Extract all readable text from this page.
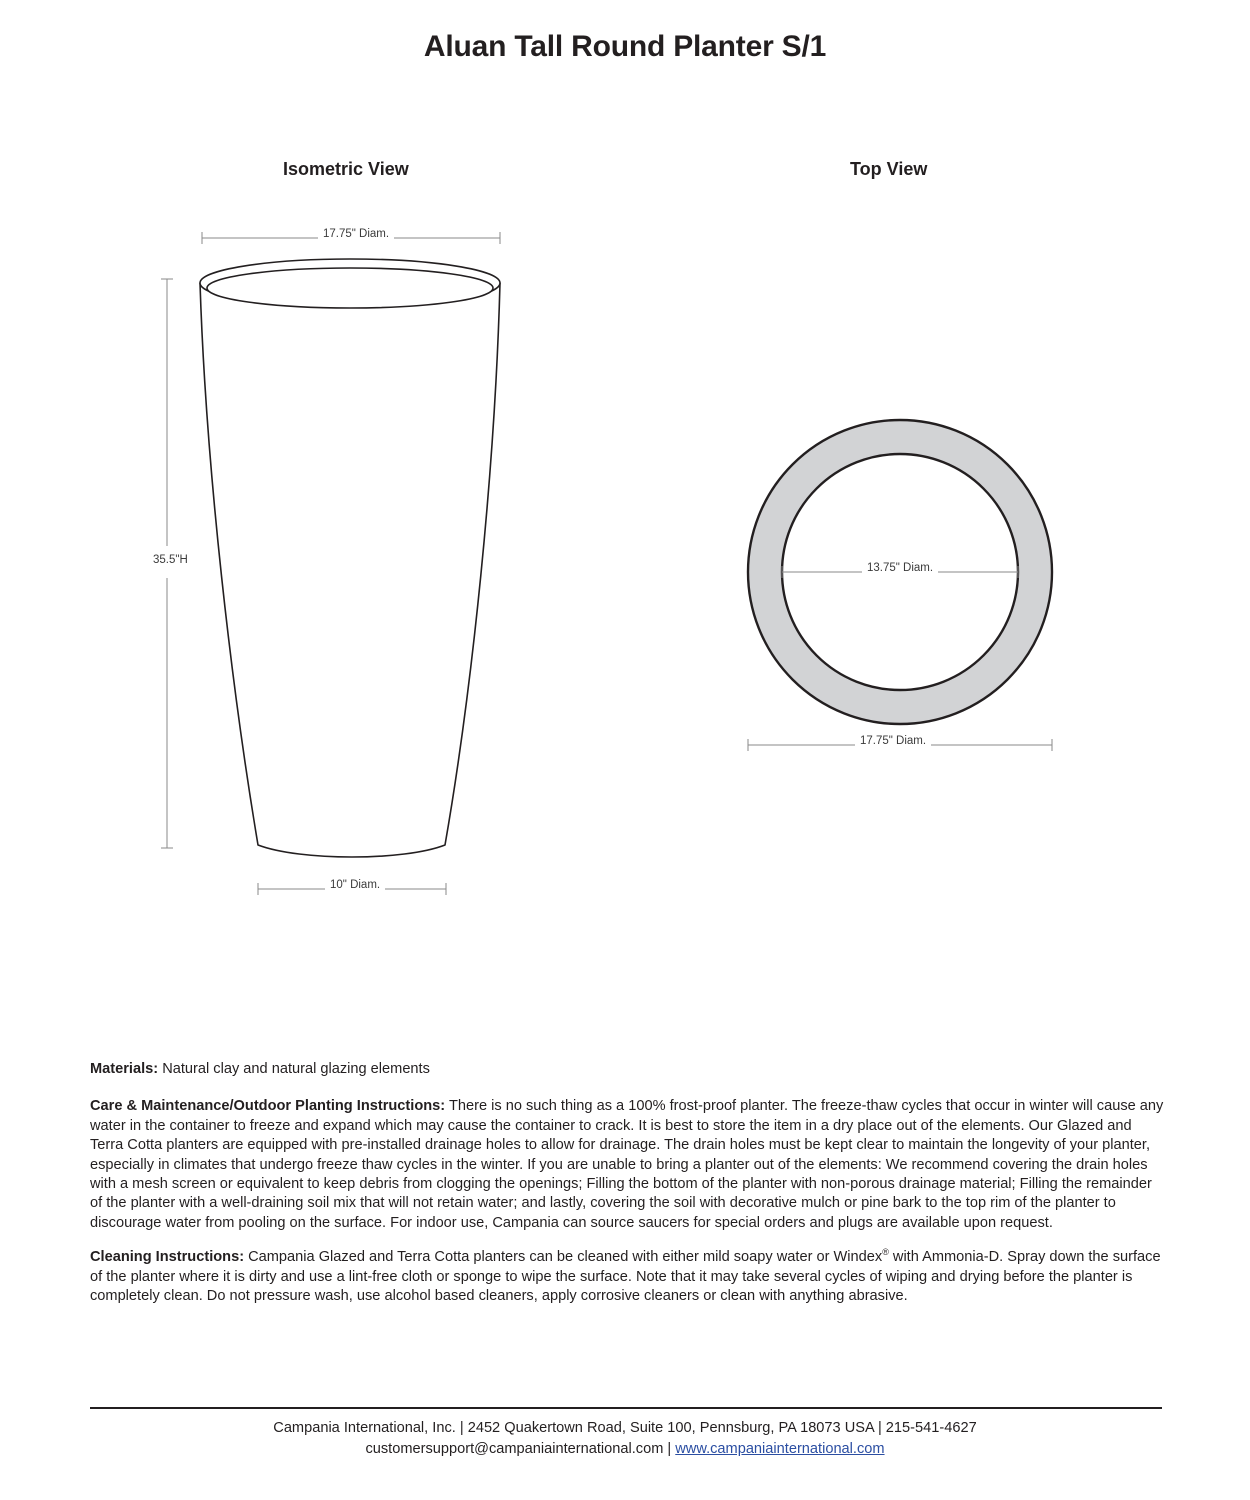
Aluan Tall Round Planter S/1
Isometric View	Top View
17.75" Diam.
35.5"H
10" Diam.
13.75" Diam.
17.75" Diam.

Materials: Natural clay and natural glazing elements

Care & Maintenance/Outdoor Planting Instructions: There is no such thing as a 100% frost-proof planter. The freeze-thaw cycles that occur in winter will cause any water in the container to freeze and expand which may cause the container to crack. It is best to store the item in a dry place out of the elements. Our Glazed and Terra Cotta planters are equipped with pre-installed drainage holes to allow for drainage. The drain holes must be kept clear to maintain the longevity of your planter, especially in climates that undergo freeze thaw cycles in the winter. If you are unable to bring a planter out of the elements: We recommend covering the drain holes with a mesh screen or equivalent to keep debris from clogging the openings; Filling the bottom of the planter with non-porous drainage material; Filling the remainder of the planter with a well-draining soil mix that will not retain water; and lastly, covering the soil with decorative mulch or pine bark to the top rim of the planter to discourage water from pooling on the surface. For indoor use, Campania can source saucers for special orders and plugs are available upon request.

Cleaning Instructions: Campania Glazed and Terra Cotta planters can be cleaned with either mild soapy water or Windex® with Ammonia-D. Spray down the surface of the planter where it is dirty and use a lint-free cloth or sponge to wipe the surface. Note that it may take several cycles of wiping and drying before the planter is completely clean. Do not pressure wash, use alcohol based cleaners, apply corrosive cleaners or clean with anything abrasive.

Campania International, Inc. | 2452 Quakertown Road, Suite 100, Pennsburg, PA 18073 USA | 215-541-4627
customersupport@campaniainternational.com | www.campaniainternational.com
